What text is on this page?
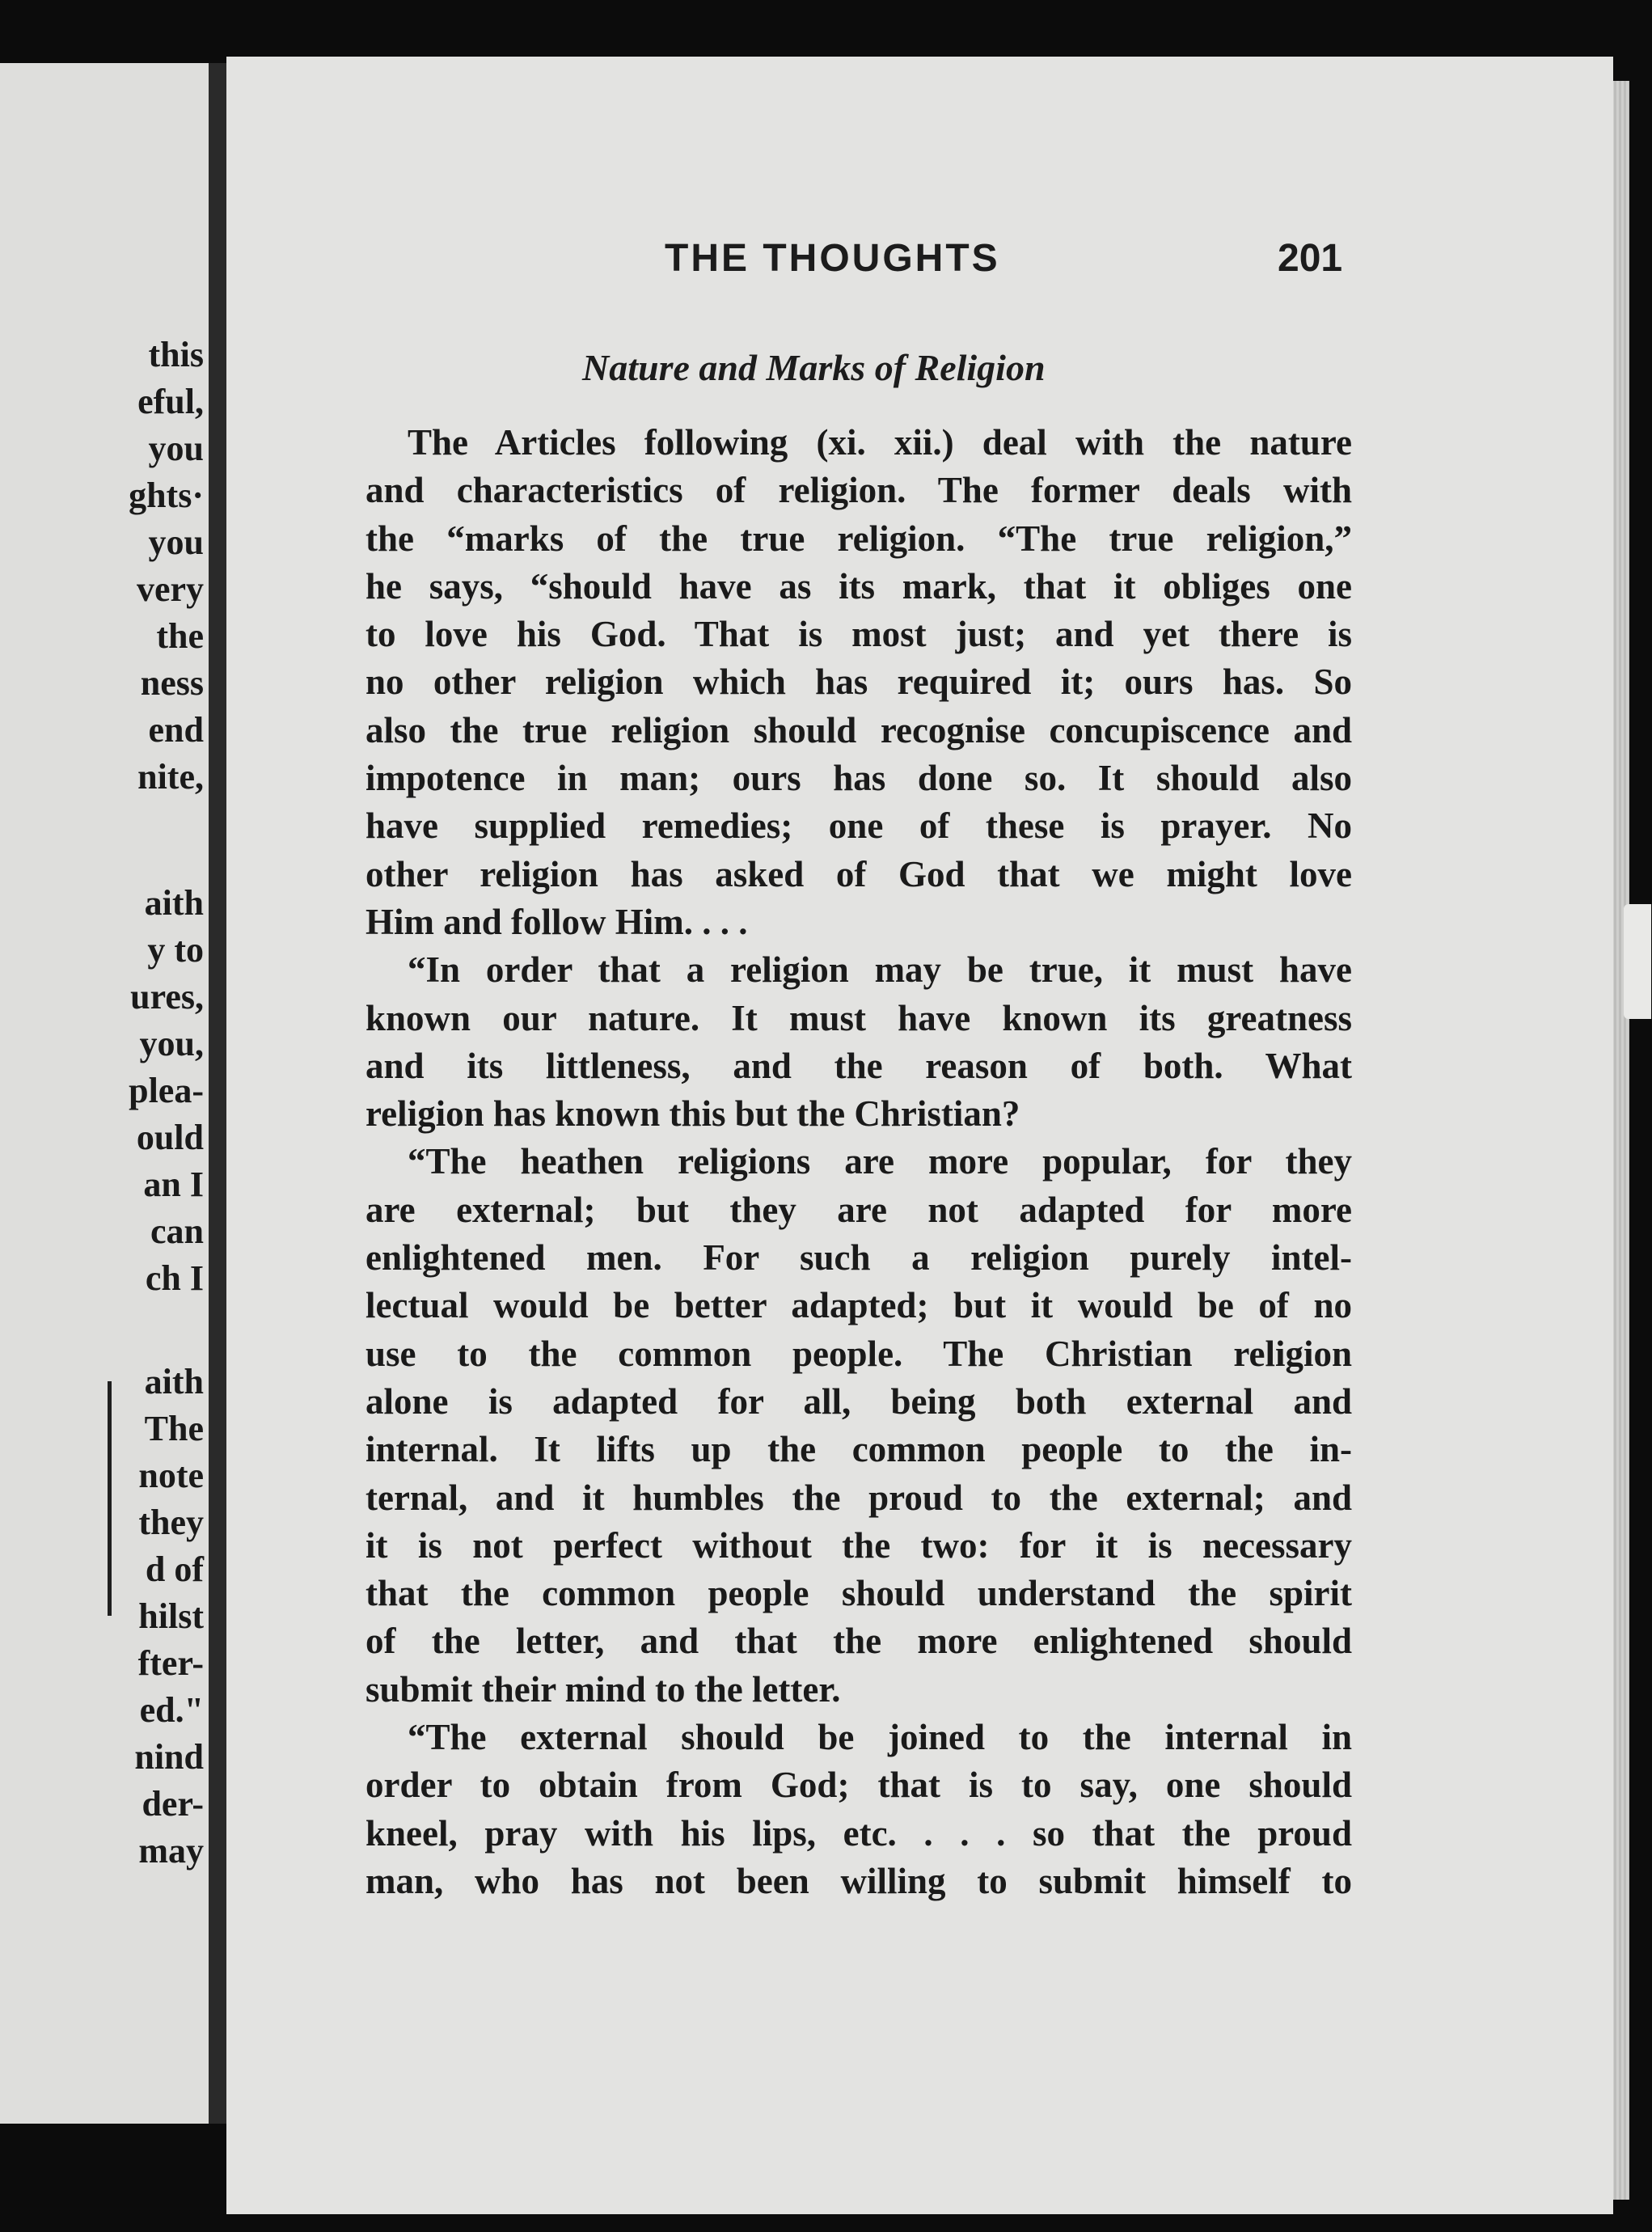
this
eful,
you
ghts·
you
very
the
ness
end
nite,
aith
y to
ures,
you,
plea-
ould
an I
can
ch I
aith
The
note
they
d of
hilst
fter-
ed."
nind
der-
may
THE THOUGHTS	201
Nature and Marks of Religion
The Articles following (xi. xii.) deal with the nature
and characteristics of religion. The former deals with
the “marks of the true religion. “The true religion,”
he says, “should have as its mark, that it obliges one
to love his God. That is most just; and yet there is
no other religion which has required it; ours has. So
also the true religion should recognise concupiscence and
impotence in man; ours has done so. It should also
have supplied remedies; one of these is prayer. No
other religion has asked of God that we might love
Him and follow Him. . . .
“In order that a religion may be true, it must have
known our nature. It must have known its greatness
and its littleness, and the reason of both. What
religion has known this but the Christian?
“The heathen religions are more popular, for they
are external; but they are not adapted for more
enlightened men. For such a religion purely intel-
lectual would be better adapted; but it would be of no
use to the common people. The Christian religion
alone is adapted for all, being both external and
internal. It lifts up the common people to the in-
ternal, and it humbles the proud to the external; and
it is not perfect without the two: for it is necessary
that the common people should understand the spirit
of the letter, and that the more enlightened should
submit their mind to the letter.
“The external should be joined to the internal in
order to obtain from God; that is to say, one should
kneel, pray with his lips, etc. . . . so that the proud
man, who has not been willing to submit himself to
